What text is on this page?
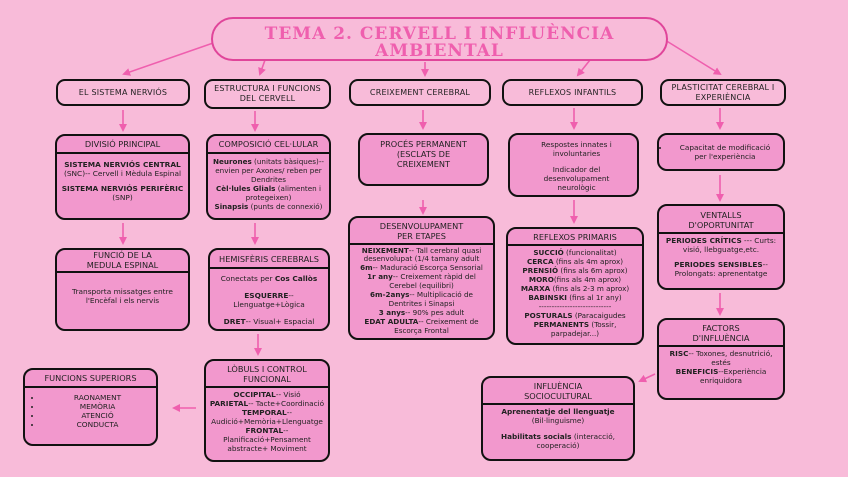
TEMA 2. CERVELL I INFLUÈNCIA
AMBIENTAL
EL SISTEMA NERVIÓS	ESTRUCTURA I FUNCIONS
DEL CERVELL
CREIXEMENT CEREBRAL	REFLEXOS INFANTILS
PLASTICITAT CEREBRAL I
EXPERIÈNCIA
DIVISIÓ PRINCIPAL
SISTEMA NERVIÓS CENTRAL
(SNC)-- Cervell i Mèdula Espinal
SISTEMA NERVIÓS PERIFÈRIC
(SNP)
FUNCIÓ DE LA
MEDULA ESPINAL
Transporta missatges entre
l'Encèfal i els nervis
COMPOSICIÓ CEL·LULAR
Neurones (unitats bàsiques)--
envien per Axones/ reben per
Dendrites
Cèl·lules Glials (alimenten i
protegeixen)
Sinapsis (punts de connexió)
HEMISFÈRIS CEREBRALS
Conectats per Cos Callòs
ESQUERRE-- Llenguatge+Lògica
DRET-- Visual+ Espacial
LÒBULS I CONTROL
FUNCIONAL
OCCIPITAL-- Visió
PARIETAL-- Tacte+Coordinació
TEMPORAL--
Audició+Memòria+Llenguatge
FRONTAL--
Planificació+Pensament
abstracte+ Moviment
FUNCIONS SUPERIORS
• RAONAMENT
• MEMÒRIA
• ATENCIÓ
• CONDUCTA
PROCÉS PERMANENT
(ESCLATS DE
CREIXEMENT
DESENVOLUPAMENT
PER ETAPES
NEIXEMENT-- Tall cerebral quasi
desenvolupat (1/4 tamany adult
6m-- Maduració Escorça Sensorial
1r any-- Creixement ràpid del
Cerebel (equilibri)
6m-2anys-- Multiplicació de
Dentrites i Sinapsi
3 anys-- 90% pes adult
EDAT ADULTA-- Creixement de
Escorça Frontal
• Respostes innates i
involuntaries
• Indicador del
desenvolupament
neurològic
REFLEXOS PRIMARIS
SUCCIÓ (funcionalitat)
CERCA (fins als 4m aprox)
PRENSIÓ (fins als 6m aprox)
MORO(fins als 4m aprox)
MARXA (fins als 2-3 m aprox)
BABINSKI (fins al 1r any)
----------------------------
POSTURALS (Paracaigudes
PERMANENTS (Tossir,
parpadejar...)
• Capacitat de modificació
per l'experiència
VENTALLS
D'OPORTUNITAT
PERIODES CRÍTICS --- Curts:
visió, llebguatge,etc.
PERIODES SENSIBLES--
Prolongats: aprenentatge
FACTORS
D'INFLUÈNCIA
RISC-- Toxones, desnutrició,
estés
BENEFICIS--Experiència
enriquidora
INFLUÈNCIA
SOCIOCULTURAL
Aprenentatje del llenguatje
(Bil·linguisme)
Habilitats socials (interacció,
cooperació)
